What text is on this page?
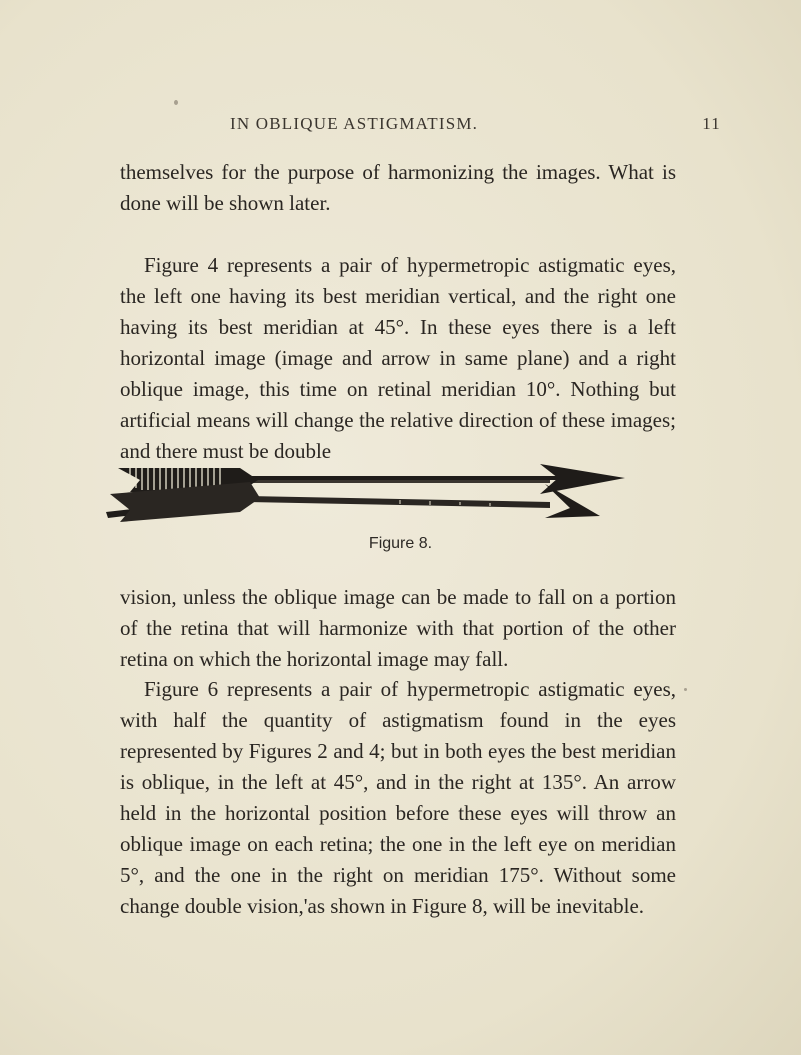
IN OBLIQUE ASTIGMATISM.	11

themselves for the purpose of harmonizing the images. What is done will be shown later.

Figure 4 represents a pair of hypermetropic astigmatic eyes, the left one having its best meridian vertical, and the right one having its best meridian at 45°. In these eyes there is a left horizontal image (image and arrow in same plane) and a right oblique image, this time on retinal meridian 10°. Nothing but artificial means will change the relative direction of these images; and there must be double

Figure 8.

vision, unless the oblique image can be made to fall on a portion of the retina that will harmonize with that portion of the other retina on which the horizontal image may fall.

Figure 6 represents a pair of hypermetropic astigmatic eyes, with half the quantity of astigmatism found in the eyes represented by Figures 2 and 4; but in both eyes the best meridian is oblique, in the left at 45°, and in the right at 135°. An arrow held in the horizontal position before these eyes will throw an oblique image on each retina; the one in the left eye on meridian 5°, and the one in the right on meridian 175°. Without some change double vision,'as shown in Figure 8, will be inevitable.
